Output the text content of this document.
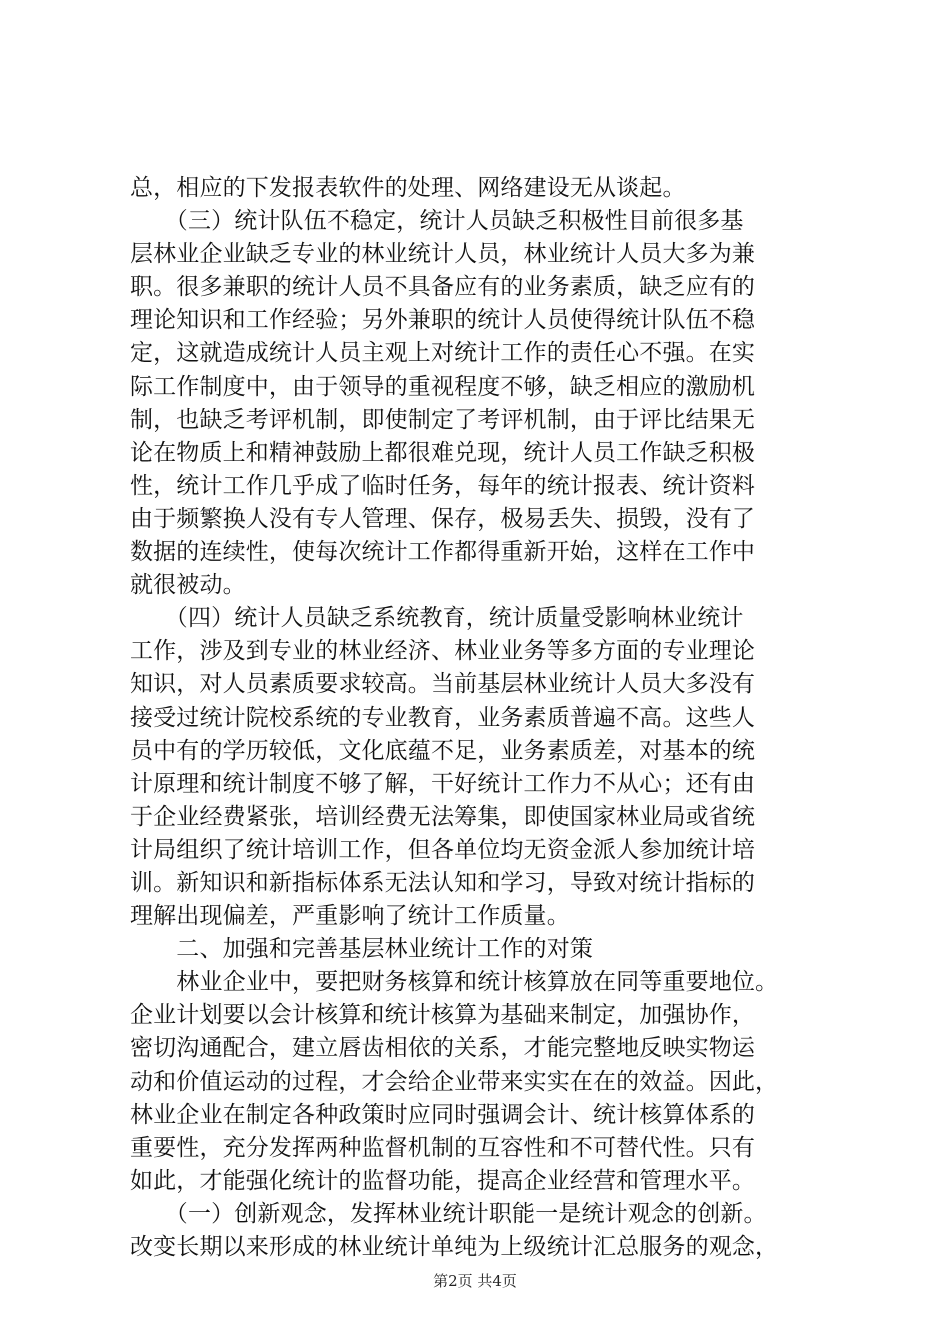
总，相应的下发报表软件的处理、网络建设无从谈起。
　　（三）统计队伍不稳定，统计人员缺乏积极性目前很多基
层林业企业缺乏专业的林业统计人员，林业统计人员大多为兼
职。很多兼职的统计人员不具备应有的业务素质，缺乏应有的
理论知识和工作经验；另外兼职的统计人员使得统计队伍不稳
定，这就造成统计人员主观上对统计工作的责任心不强。在实
际工作制度中，由于领导的重视程度不够，缺乏相应的激励机
制，也缺乏考评机制，即使制定了考评机制，由于评比结果无
论在物质上和精神鼓励上都很难兑现，统计人员工作缺乏积极
性，统计工作几乎成了临时任务，每年的统计报表、统计资料
由于频繁换人没有专人管理、保存，极易丢失、损毁，没有了
数据的连续性，使每次统计工作都得重新开始，这样在工作中
就很被动。
　　（四）统计人员缺乏系统教育，统计质量受影响林业统计
工作，涉及到专业的林业经济、林业业务等多方面的专业理论
知识，对人员素质要求较高。当前基层林业统计人员大多没有
接受过统计院校系统的专业教育，业务素质普遍不高。这些人
员中有的学历较低，文化底蕴不足，业务素质差，对基本的统
计原理和统计制度不够了解，干好统计工作力不从心；还有由
于企业经费紧张，培训经费无法筹集，即使国家林业局或省统
计局组织了统计培训工作，但各单位均无资金派人参加统计培
训。新知识和新指标体系无法认知和学习，导致对统计指标的
理解出现偏差，严重影响了统计工作质量。
　　二、加强和完善基层林业统计工作的对策
　　林业企业中，要把财务核算和统计核算放在同等重要地位。
企业计划要以会计核算和统计核算为基础来制定，加强协作，
密切沟通配合，建立唇齿相依的关系，才能完整地反映实物运
动和价值运动的过程，才会给企业带来实实在在的效益。因此，
林业企业在制定各种政策时应同时强调会计、统计核算体系的
重要性，充分发挥两种监督机制的互容性和不可替代性。只有
如此，才能强化统计的监督功能，提高企业经营和管理水平。
　　（一）创新观念，发挥林业统计职能一是统计观念的创新。
改变长期以来形成的林业统计单纯为上级统计汇总服务的观念，
第2页 共4页
